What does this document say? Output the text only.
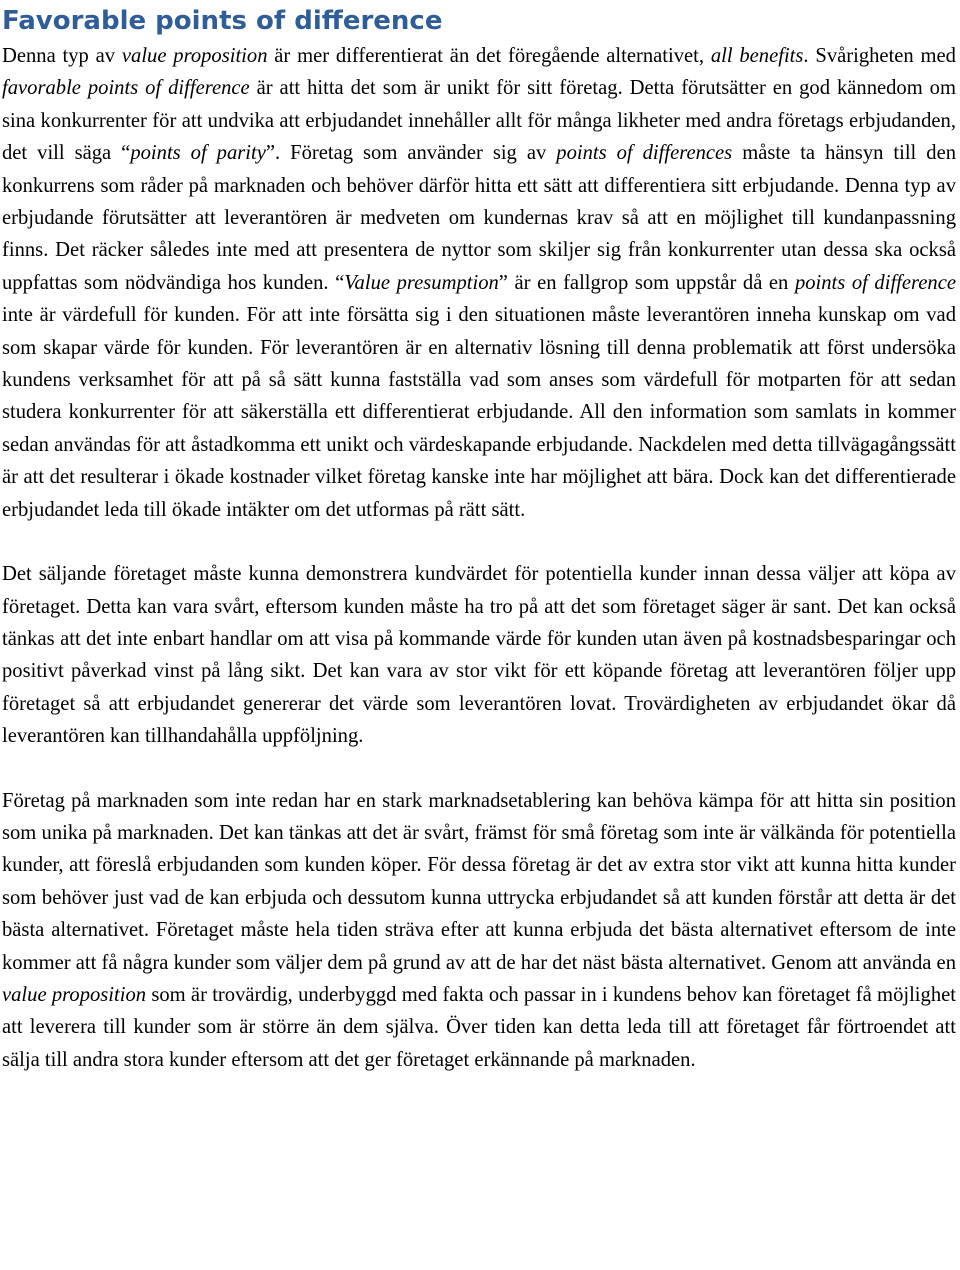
Favorable points of difference

Denna typ av value proposition är mer differentierat än det föregående alternativet, all benefits. Svårigheten med favorable points of difference är att hitta det som är unikt för sitt företag. Detta förutsätter en god kännedom om sina konkurrenter för att undvika att erbjudandet innehåller allt för många likheter med andra företags erbjudanden, det vill säga “points of parity”. Företag som använder sig av points of differences måste ta hänsyn till den konkurrens som råder på marknaden och behöver därför hitta ett sätt att differentiera sitt erbjudande. Denna typ av erbjudande förutsätter att leverantören är medveten om kundernas krav så att en möjlighet till kundanpassning finns. Det räcker således inte med att presentera de nyttor som skiljer sig från konkurrenter utan dessa ska också uppfattas som nödvändiga hos kunden. “Value presumption” är en fallgrop som uppstår då en points of difference inte är värdefull för kunden. För att inte försätta sig i den situationen måste leverantören inneha kunskap om vad som skapar värde för kunden. För leverantören är en alternativ lösning till denna problematik att först undersöka kundens verksamhet för att på så sätt kunna fastställa vad som anses som värdefull för motparten för att sedan studera konkurrenter för att säkerställa ett differentierat erbjudande. All den information som samlats in kommer sedan användas för att åstadkomma ett unikt och värdeskapande erbjudande. Nackdelen med detta tillvägagångssätt är att det resulterar i ökade kostnader vilket företag kanske inte har möjlighet att bära. Dock kan det differentierade erbjudandet leda till ökade intäkter om det utformas på rätt sätt.

Det säljande företaget måste kunna demonstrera kundvärdet för potentiella kunder innan dessa väljer att köpa av företaget. Detta kan vara svårt, eftersom kunden måste ha tro på att det som företaget säger är sant. Det kan också tänkas att det inte enbart handlar om att visa på kommande värde för kunden utan även på kostnadsbesparingar och positivt påverkad vinst på lång sikt. Det kan vara av stor vikt för ett köpande företag att leverantören följer upp företaget så att erbjudandet genererar det värde som leverantören lovat. Trovärdigheten av erbjudandet ökar då leverantören kan tillhandahålla uppföljning.

Företag på marknaden som inte redan har en stark marknadsetablering kan behöva kämpa för att hitta sin position som unika på marknaden. Det kan tänkas att det är svårt, främst för små företag som inte är välkända för potentiella kunder, att föreslå erbjudanden som kunden köper. För dessa företag är det av extra stor vikt att kunna hitta kunder som behöver just vad de kan erbjuda och dessutom kunna uttrycka erbjudandet så att kunden förstår att detta är det bästa alternativet. Företaget måste hela tiden sträva efter att kunna erbjuda det bästa alternativet eftersom de inte kommer att få några kunder som väljer dem på grund av att de har det näst bästa alternativet. Genom att använda en value proposition som är trovärdig, underbyggd med fakta och passar in i kundens behov kan företaget få möjlighet att leverera till kunder som är större än dem själva. Över tiden kan detta leda till att företaget får förtroendet att sälja till andra stora kunder eftersom att det ger företaget erkännande på marknaden.
